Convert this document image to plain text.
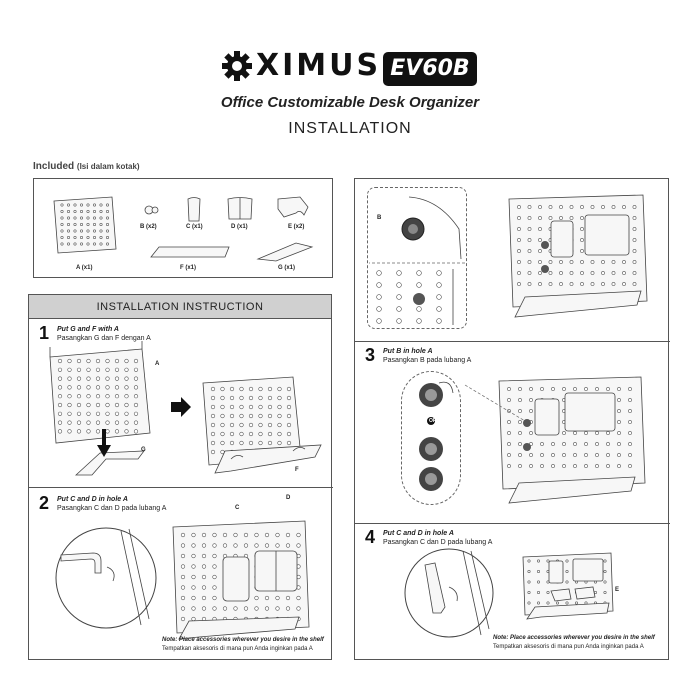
XIMUS EV60B
Office Customizable Desk Organizer
INSTALLATION
Included (Isi dalam kotak)
A (x1)
B (x2)	C (x1)	D (x1)	E (x2)
F (x1)	G (x1)
INSTALLATION INSTRUCTION
1 Put G and F with A
Pasangkan G dan F dengan A
A
G
F
2 Put C and D in hole A
Pasangkan C dan D pada lubang A	C
D
Note: Place accessories wherever you desire in the shelf
Tempatkan aksesoris di mana pun Anda inginkan pada A
B
3 Put B in hole A
Pasangkan B pada lubang A
OR
4 Put C and D in hole A
Pasangkan C dan D pada lubang A
E
Note: Place accessories wherever you desire in the shelf
Tempatkan aksesoris di mana pun Anda inginkan pada A
